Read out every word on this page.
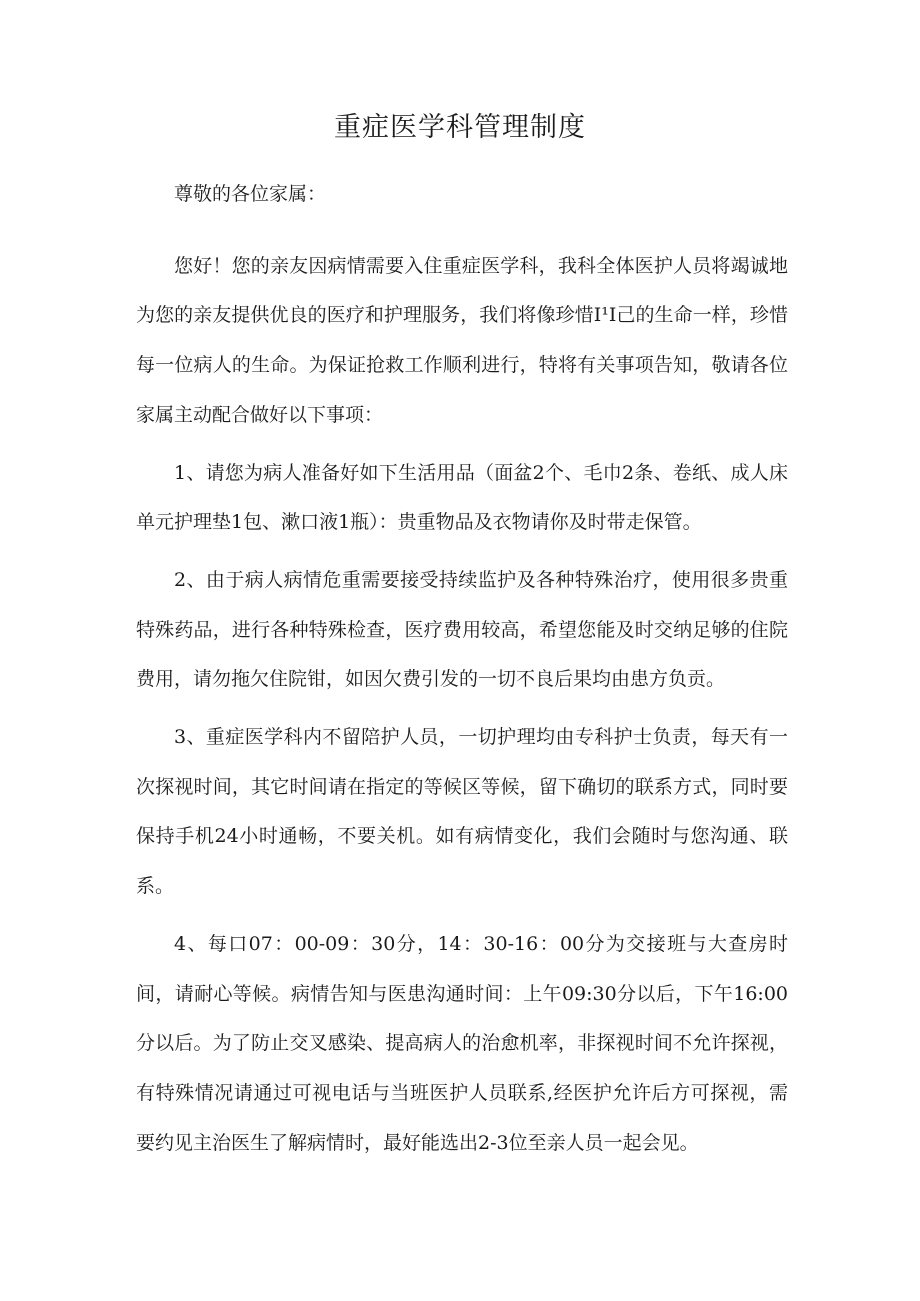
重症医学科管理制度

尊敬的各位家属：

您好！您的亲友因病情需要入住重症医学科，我科全体医护人员将竭诚地为您的亲友提供优良的医疗和护理服务，我们将像珍惜I¹I己的生命一样，珍惜每一位病人的生命。为保证抢救工作顺利进行，特将有关事项告知，敬请各位家属主动配合做好以下事项：

1、请您为病人准备好如下生活用品（面盆2个、毛巾2条、卷纸、成人床单元护理垫1包、漱口液1瓶）：贵重物品及衣物请你及时带走保管。

2、由于病人病情危重需要接受持续监护及各种特殊治疗，使用很多贵重特殊药品，进行各种特殊检查，医疗费用较高，希望您能及时交纳足够的住院费用，请勿拖欠住院钳，如因欠费引发的一切不良后果均由患方负贡。

3、重症医学科内不留陪护人员，一切护理均由专科护士负责，每天有一次探视时间，其它时间请在指定的等候区等候，留下确切的联系方式，同时要保持手机24小时通畅，不要关机。如有病情变化，我们会随时与您沟通、联系。

4、每口07：00-09：30分，14：30-16：00分为交接班与大查房时间，请耐心等候。病情告知与医患沟通时间：上午09:30分以后，下午16:00分以后。为了防止交叉感染、提高病人的治愈机率，非探视时间不允许探视，有特殊情况请通过可视电话与当班医护人员联系,经医护允许后方可探视，需要约见主治医生了解病情时，最好能选出2-3位至亲人员一起会见。
